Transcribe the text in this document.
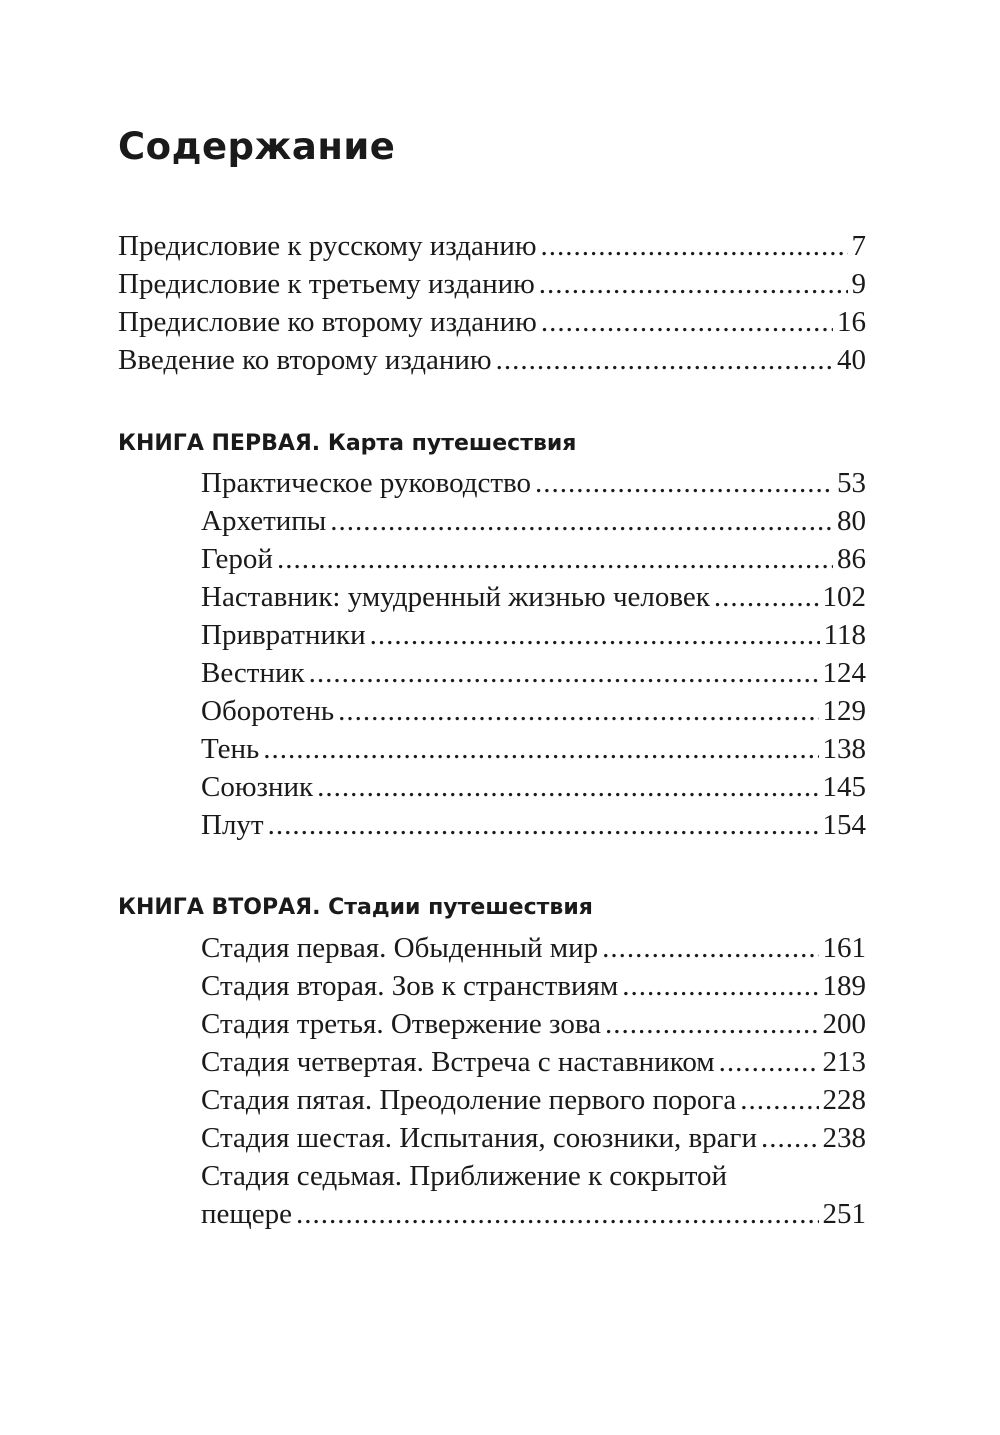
Содержание
Предисловие к русскому изданию .....	7
Предисловие к третьему изданию .....	9
Предисловие ко второму изданию .....	16
Введение ко второму изданию .....	40
КНИГА ПЕРВАЯ. Карта путешествия
Практическое руководство .....	53
Архетипы .....	80
Герой .....	86
Наставник: умудренный жизнью человек .....	102
Привратники .....	118
Вестник .....	124
Оборотень .....	129
Тень .....	138
Союзник .....	145
Плут .....	154
КНИГА ВТОРАЯ. Стадии путешествия
Стадия первая. Обыденный мир .....	161
Стадия вторая. Зов к странствиям .....	189
Стадия третья. Отвержение зова .....	200
Стадия четвертая. Встреча с наставником .....	213
Стадия пятая. Преодоление первого порога .....	228
Стадия шестая. Испытания, союзники, враги ..... 238
Стадия седьмая. Приближение к сокрытой
пещере .....	251
